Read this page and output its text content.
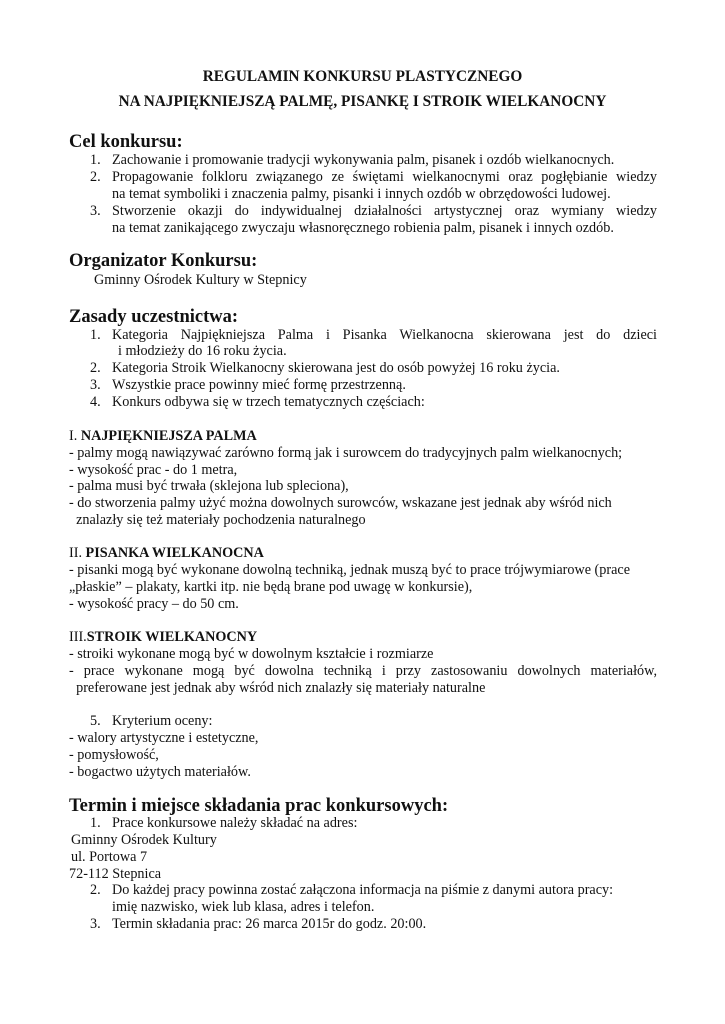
REGULAMIN KONKURSU PLASTYCZNEGO
NA NAJPIĘKNIEJSZĄ PALMĘ, PISANKĘ I STROIK WIELKANOCNY
Cel konkursu:
1. Zachowanie i promowanie tradycji wykonywania palm, pisanek i ozdób wielkanocnych.
2. Propagowanie folkloru związanego ze świętami wielkanocnymi oraz pogłębianie wiedzy
na temat symboliki i znaczenia palmy, pisanki i innych ozdób w obrzędowości ludowej.
3. Stworzenie okazji do indywidualnej działalności artystycznej oraz wymiany wiedzy
na temat zanikającego zwyczaju własnoręcznego robienia palm, pisanek i innych ozdób.
Organizator Konkursu:
Gminny Ośrodek Kultury w Stepnicy
Zasady uczestnictwa:
1. Kategoria Najpiękniejsza Palma i Pisanka Wielkanocna skierowana jest do dzieci
i młodzieży do 16 roku życia.
2. Kategoria Stroik Wielkanocny skierowana jest do osób powyżej 16 roku życia.
3. Wszystkie prace powinny mieć formę przestrzenną.
4. Konkurs odbywa się w trzech tematycznych częściach:
I. NAJPIĘKNIEJSZA PALMA
- palmy mogą nawiązywać zarówno formą jak i surowcem do tradycyjnych palm wielkanocnych;
- wysokość prac - do 1 metra,
- palma musi być trwała (sklejona lub spleciona),
- do stworzenia palmy użyć można dowolnych surowców, wskazane jest jednak aby wśród nich
znalazły się też materiały pochodzenia naturalnego
II. PISANKA WIELKANOCNA
- pisanki mogą być wykonane dowolną techniką, jednak muszą być to prace trójwymiarowe (prace
„płaskie” – plakaty, kartki itp. nie będą brane pod uwagę w konkursie),
- wysokość pracy – do 50 cm.
III.STROIK WIELKANOCNY
- stroiki wykonane mogą być w dowolnym kształcie i rozmiarze
- prace wykonane mogą być dowolna techniką i przy zastosowaniu dowolnych materiałów,
preferowane jest jednak aby wśród nich znalazły się materiały naturalne
5. Kryterium oceny:
- walory artystyczne i estetyczne,
- pomysłowość,
- bogactwo użytych materiałów.
Termin i miejsce składania prac konkursowych:
1. Prace konkursowe należy składać na adres:
Gminny Ośrodek Kultury
ul. Portowa 7
72-112 Stepnica
2. Do każdej pracy powinna zostać załączona informacja na piśmie z danymi autora pracy:
imię nazwisko, wiek lub klasa, adres i telefon.
3. Termin składania prac: 26 marca 2015r do godz. 20:00.
